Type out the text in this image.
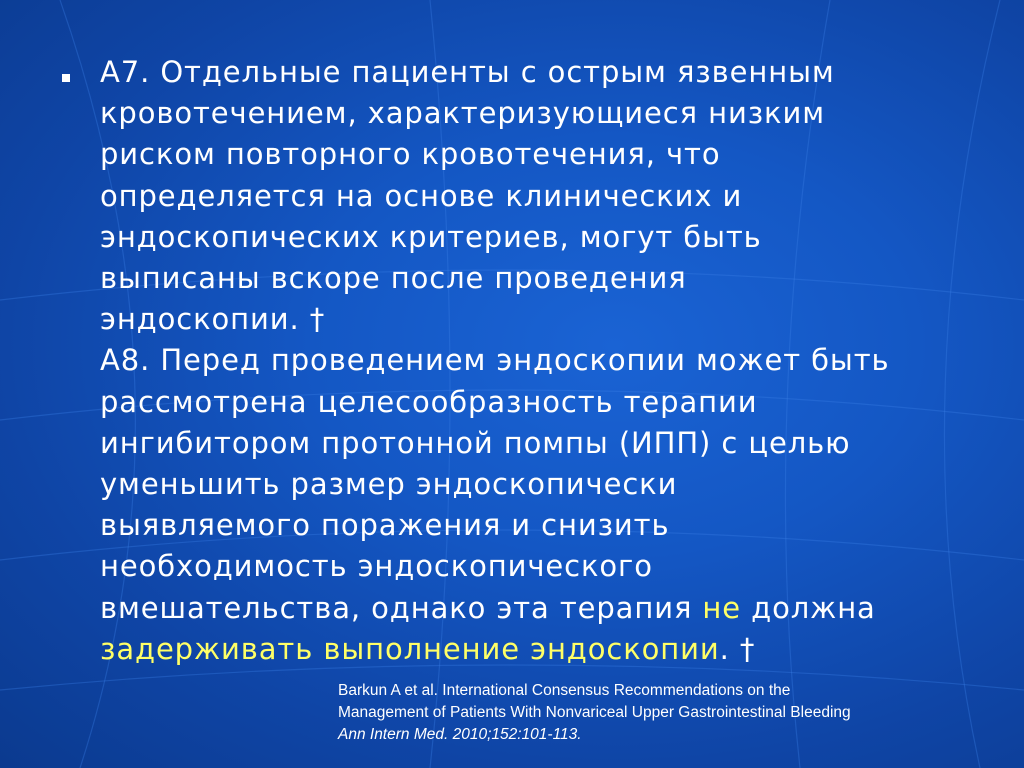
А7. Отдельные пациенты с острым язвенным
кровотечением, характеризующиеся низким
риском повторного кровотечения, что
определяется на основе клинических и
эндоскопических критериев, могут быть
выписаны вскоре после проведения
эндоскопии. †
А8. Перед проведением эндоскопии может быть
рассмотрена целесообразность терапии
ингибитором протонной помпы (ИПП) с целью
уменьшить размер эндоскопически
выявляемого поражения и снизить
необходимость эндоскопического
вмешательства, однако эта терапия не должна
задерживать выполнение эндоскопии. †
Barkun A et al. International Consensus Recommendations on the
Management of Patients With Nonvariceal Upper Gastrointestinal Bleeding
Ann Intern Med. 2010;152:101-113.
